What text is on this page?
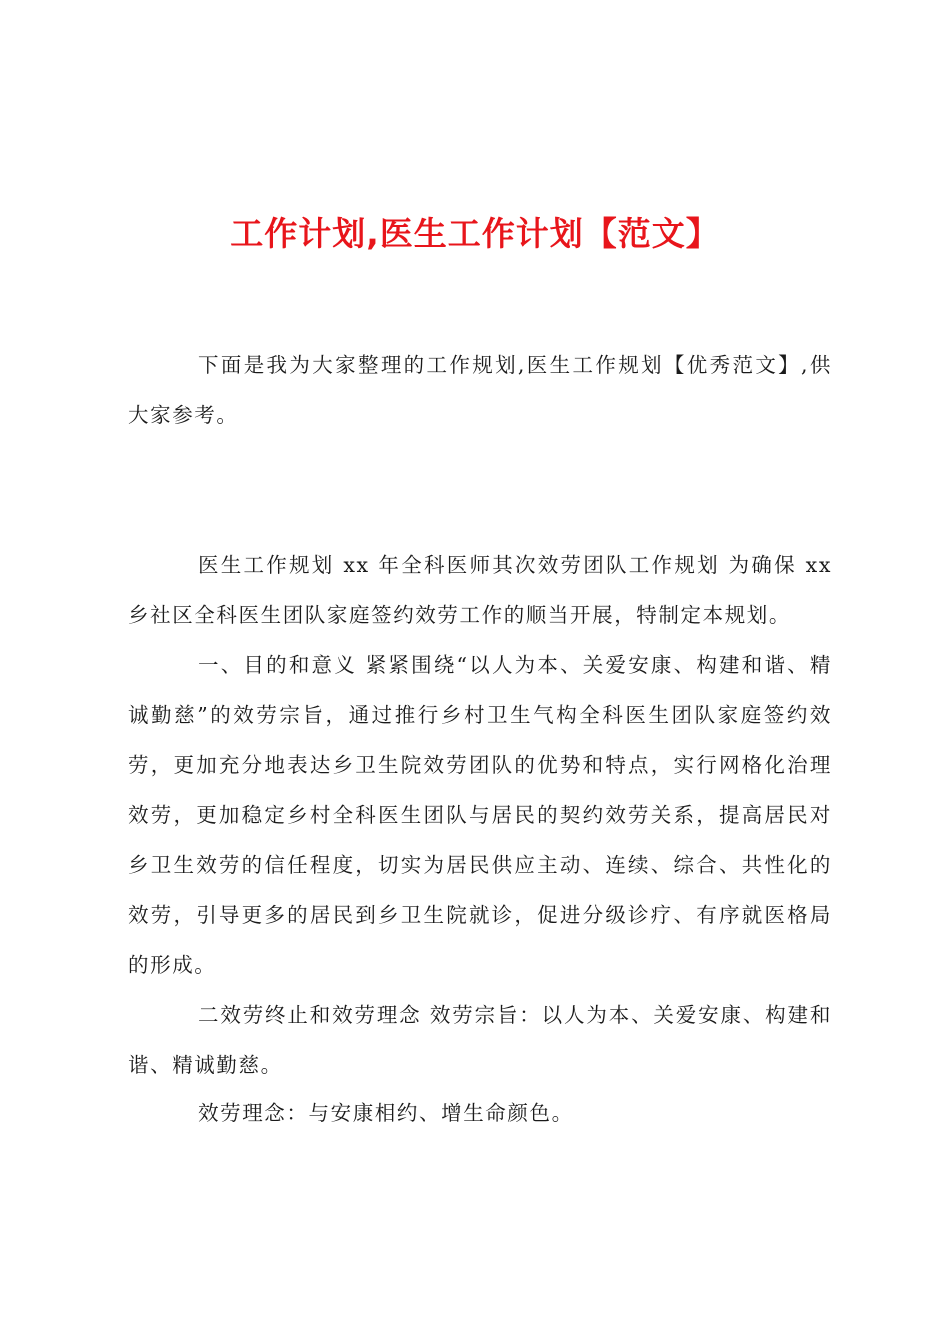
工作计划,医生工作计划【范文】

下面是我为大家整理的工作规划,医生工作规划【优秀范文】,供大家参考。

医生工作规划 xx 年全科医师其次效劳团队工作规划 为确保 xx 乡社区全科医生团队家庭签约效劳工作的顺当开展，特制定本规划。

一、目的和意义 紧紧围绕“以人为本、关爱安康、构建和谐、精诚勤慈”的效劳宗旨，通过推行乡村卫生气构全科医生团队家庭签约效劳，更加充分地表达乡卫生院效劳团队的优势和特点，实行网格化治理效劳，更加稳定乡村全科医生团队与居民的契约效劳关系，提高居民对乡卫生效劳的信任程度，切实为居民供应主动、连续、综合、共性化的效劳，引导更多的居民到乡卫生院就诊，促进分级诊疗、有序就医格局的形成。

二效劳终止和效劳理念 效劳宗旨：以人为本、关爱安康、构建和谐、精诚勤慈。

效劳理念：与安康相约、增生命颜色。
